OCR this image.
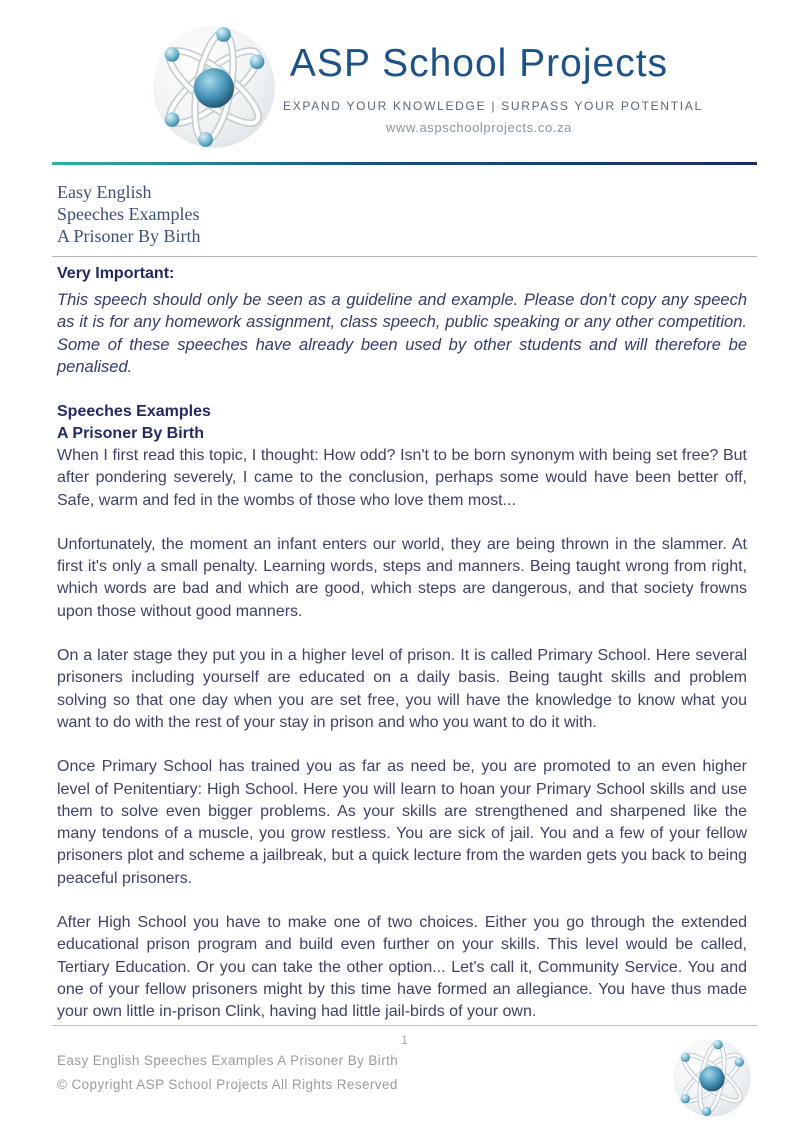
ASP School Projects
EXPAND YOUR KNOWLEDGE | SURPASS YOUR POTENTIAL
www.aspschoolprojects.co.za
Easy English
Speeches Examples
A Prisoner By Birth
Very Important:
This speech should only be seen as a guideline and example. Please don't copy any speech as it is for any homework assignment, class speech, public speaking or any other competition. Some of these speeches have already been used by other students and will therefore be penalised.
Speeches Examples
A Prisoner By Birth

When I first read this topic, I thought: How odd? Isn't to be born synonym with being set free? But after pondering severely, I came to the conclusion, perhaps some would have been better off, Safe, warm and fed in the wombs of those who love them most...

Unfortunately, the moment an infant enters our world, they are being thrown in the slammer. At first it's only a small penalty. Learning words, steps and manners. Being taught wrong from right, which words are bad and which are good, which steps are dangerous, and that society frowns upon those without good manners.

On a later stage they put you in a higher level of prison. It is called Primary School. Here several prisoners including yourself are educated on a daily basis. Being taught skills and problem solving so that one day when you are set free, you will have the knowledge to know what you want to do with the rest of your stay in prison and who you want to do it with.

Once Primary School has trained you as far as need be, you are promoted to an even higher level of Penitentiary: High School. Here you will learn to hoan your Primary School skills and use them to solve even bigger problems. As your skills are strengthened and sharpened like the many tendons of a muscle, you grow restless. You are sick of jail. You and a few of your fellow prisoners plot and scheme a jailbreak, but a quick lecture from the warden gets you back to being peaceful prisoners.

After High School you have to make one of two choices. Either you go through the extended educational prison program and build even further on your skills. This level would be called, Tertiary Education. Or you can take the other option... Let's call it, Community Service. You and one of your fellow prisoners might by this time have formed an allegiance. You have thus made your own little in-prison Clink, having had little jail-birds of your own.

1
Easy English Speeches Examples A Prisoner By Birth
© Copyright ASP School Projects All Rights Reserved
